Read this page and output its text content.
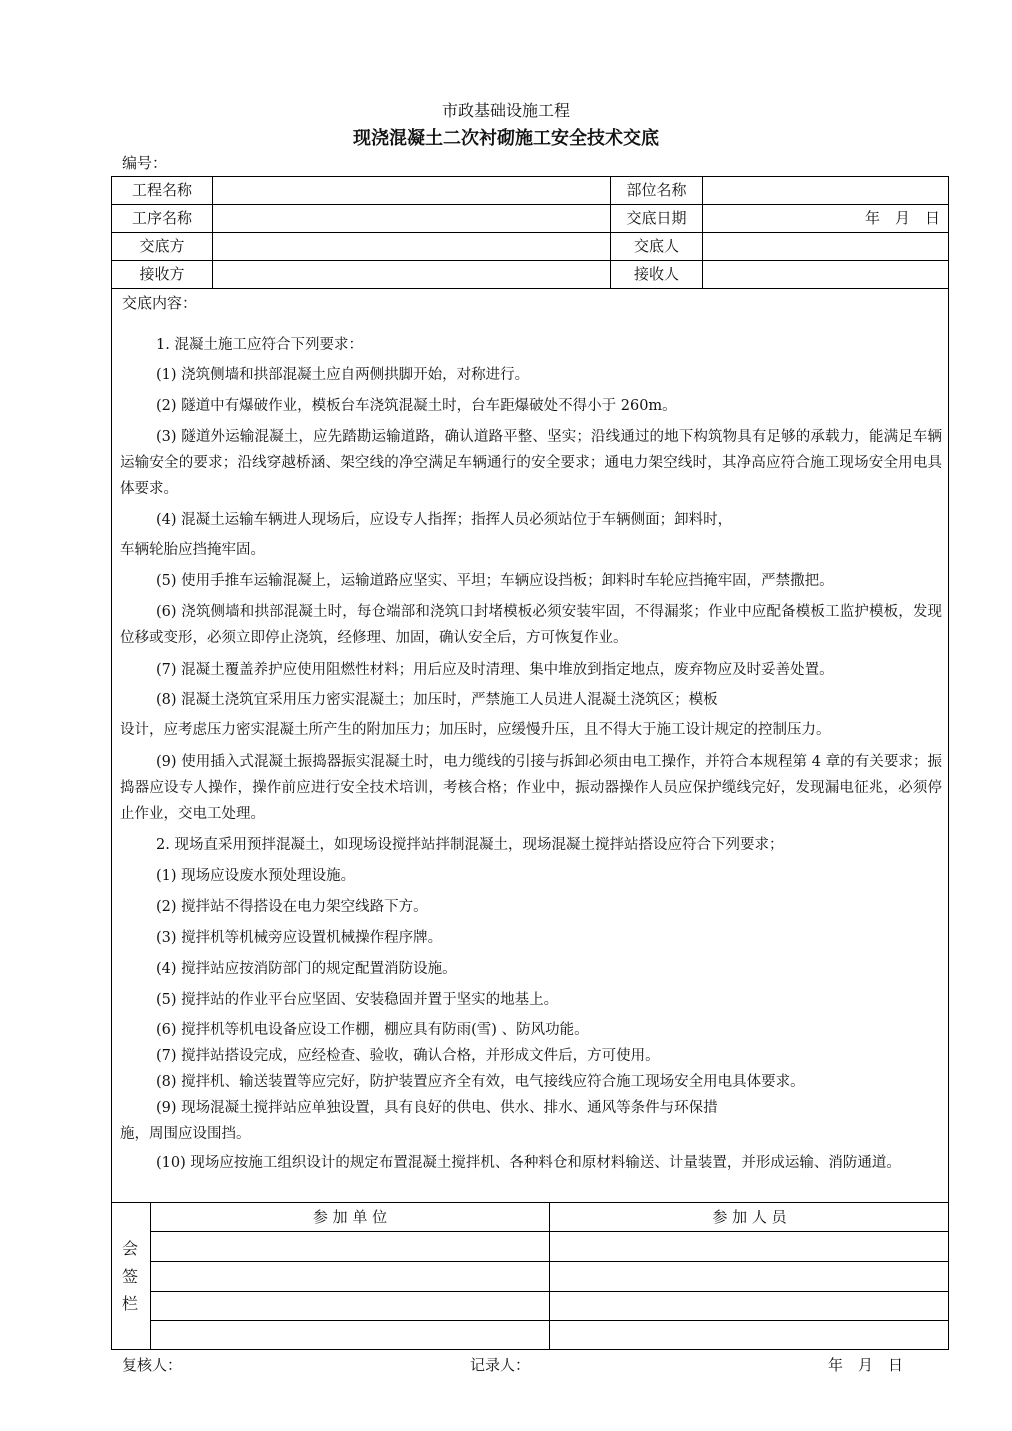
市政基础设施工程
现浇混凝土二次衬砌施工安全技术交底
编号：
工程名称	部位名称
工序名称	交底日期	年　月　日
交底方	交底人
接收方	接收人
交底内容：
1. 混凝土施工应符合下列要求：
(1) 浇筑侧墙和拱部混凝土应自两侧拱脚开始，对称进行。
(2) 隧道中有爆破作业，模板台车浇筑混凝土时，台车距爆破处不得小于 260m。
(3) 隧道外运输混凝土，应先踏勘运输道路，确认道路平整、坚实；沿线通过的地下构筑物具有足够的承载力，能满足车辆运输安全的要求；沿线穿越桥涵、架空线的净空满足车辆通行的安全要求；通电力架空线时，其净高应符合施工现场安全用电具体要求。
(4) 混凝土运输车辆进人现场后，应设专人指挥；指挥人员必须站位于车辆侧面；卸料时，
车辆轮胎应挡掩牢固。
(5) 使用手推车运输混凝上，运输道路应坚实、平坦；车辆应设挡板；卸料时车轮应挡掩牢固，严禁撒把。
(6) 浇筑侧墙和拱部混凝土时，每仓端部和浇筑口封堵模板必须安装牢固，不得漏浆；作业中应配备模板工监护模板，发现位移或变形，必须立即停止浇筑，经修理、加固，确认安全后，方可恢复作业。
(7) 混凝土覆盖养护应使用阻燃性材料；用后应及时清理、集中堆放到指定地点，废弃物应及时妥善处置。
(8) 混凝土浇筑宜采用压力密实混凝土；加压时，严禁施工人员进人混凝土浇筑区；模板
设计，应考虑压力密实混凝土所产生的附加压力；加压时，应缓慢升压，且不得大于施工设计规定的控制压力。
(9) 使用插入式混凝土振捣器振实混凝土时，电力缆线的引接与拆卸必须由电工操作，并符合本规程第 4 章的有关要求；振捣器应设专人操作，操作前应进行安全技术培训，考核合格；作业中，振动器操作人员应保护缆线完好，发现漏电征兆，必须停止作业，交电工处理。
2. 现场直采用预拌混凝土，如现场设搅拌站拌制混凝土，现场混凝土搅拌站搭设应符合下列要求；
(1) 现场应设废水预处理设施。
(2) 搅拌站不得搭设在电力架空线路下方。
(3) 搅拌机等机械旁应设置机械操作程序牌。
(4) 搅拌站应按消防部门的规定配置消防设施。
(5) 搅拌站的作业平台应坚固、安装稳固并置于坚实的地基上。
(6) 搅拌机等机电设备应设工作棚，棚应具有防雨(雪) 、防风功能。
(7) 搅拌站搭设完成，应经检查、验收，确认合格，并形成文件后，方可使用。
(8) 搅拌机、输送装置等应完好，防护装置应齐全有效，电气接线应符合施工现场安全用电具体要求。
(9) 现场混凝土搅拌站应单独设置，具有良好的供电、供水、排水、通风等条件与环保措
施，周围应设围挡。
(10) 现场应按施工组织设计的规定布置混凝土搅拌机、各种料仓和原材料输送、计量装置，并形成运输、消防通道。
参 加 单 位	参 加 人 员
会
签
栏
复核人：	记录人：	年　月　日
